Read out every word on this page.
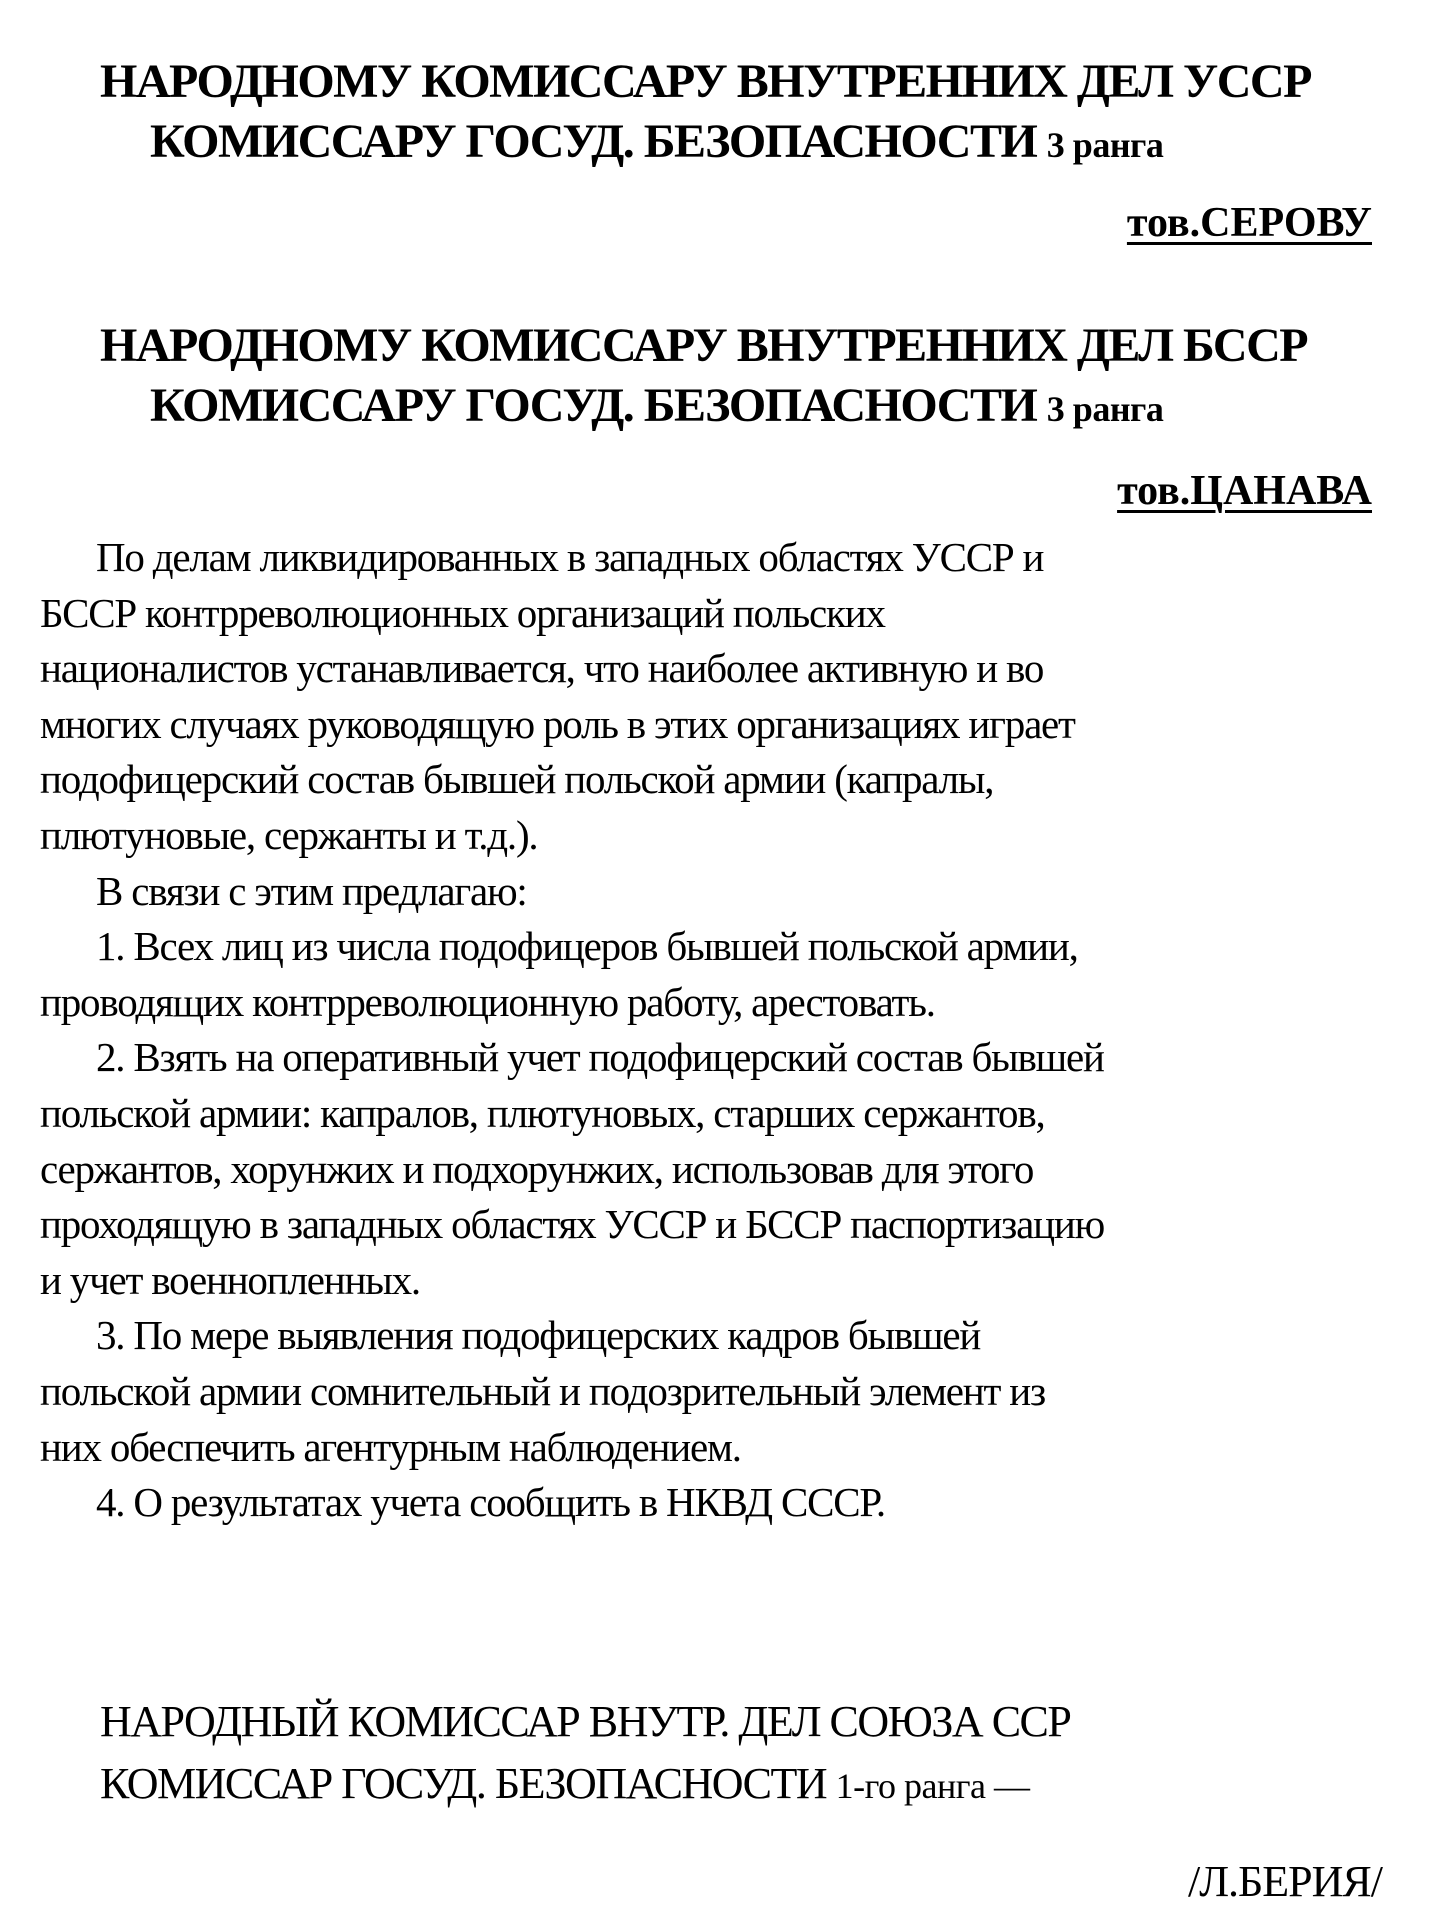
НАРОДНОМУ КОМИССАРУ ВНУТРЕННИХ ДЕЛ УССР
КОМИССАРУ ГОСУД. БЕЗОПАСНОСТИ 3 ранга
тов.СЕРОВУ
НАРОДНОМУ КОМИССАРУ ВНУТРЕННИХ ДЕЛ БССР
КОМИССАРУ ГОСУД. БЕЗОПАСНОСТИ 3 ранга
тов.ЦАНАВА

По делам ликвидированных в западных областях УССР и
БССР контрреволюционных организаций польских
националистов устанавливается, что наиболее активную и во
многих случаях руководящую роль в этих организациях играет
подофицерский состав бывшей польской армии (капралы,
плютуновые, сержанты и т.д.).

В связи с этим предлагаю:

1. Всех лиц из числа подофицеров бывшей польской армии,
проводящих контрреволюционную работу, арестовать.

2. Взять на оперативный учет подофицерский состав бывшей
польской армии: капралов, плютуновых, старших сержантов,
сержантов, хорунжих и подхорунжих, использовав для этого
проходящую в западных областях УССР и БССР паспортизацию
и учет военнопленных.

3. По мере выявления подофицерских кадров бывшей
польской армии сомнительный и подозрительный элемент из
них обеспечить агентурным наблюдением.

4. О результатах учета сообщить в НКВД СССР.

НАРОДНЫЙ КОМИССАР ВНУТР. ДЕЛ СОЮЗА ССР
КОМИССАР ГОСУД. БЕЗОПАСНОСТИ 1-го ранга —
/Л.БЕРИЯ/
